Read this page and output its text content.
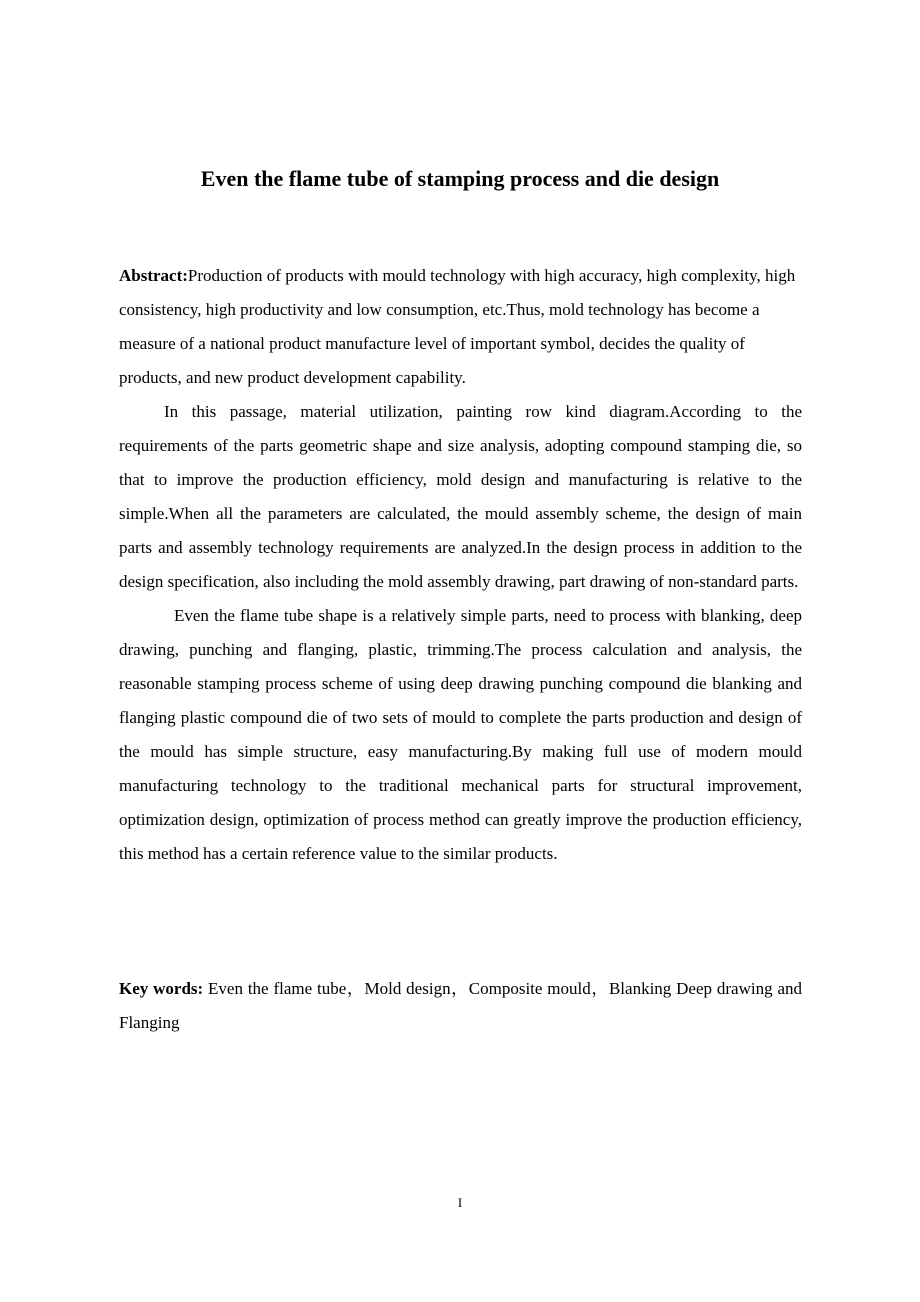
Even the flame tube of stamping process and die design

Abstract:Production of products with mould technology with high accuracy, high complexity, high consistency, high productivity and low consumption, etc.Thus, mold technology has become a measure of a national product manufacture level of important symbol, decides the quality of products, and new product development capability.

In this passage, material utilization, painting row kind diagram.According to the requirements of the parts geometric shape and size analysis, adopting compound stamping die, so that to improve the production efficiency, mold design and manufacturing is relative to the simple.When all the parameters are calculated, the mould assembly scheme, the design of main parts and assembly technology requirements are analyzed.In the design process in addition to the design specification, also including the mold assembly drawing, part drawing of non-standard parts.

Even the flame tube shape is a relatively simple parts, need to process with blanking, deep drawing, punching and flanging, plastic, trimming.The process calculation and analysis, the reasonable stamping process scheme of using deep drawing punching compound die blanking and flanging plastic compound die of two sets of mould to complete the parts production and design of the mould has simple structure, easy manufacturing.By making full use of modern mould manufacturing technology to the traditional mechanical parts for structural improvement, optimization design, optimization of process method can greatly improve the production efficiency, this method has a certain reference value to the similar products.

Key words: Even the flame tube，Mold design，Composite mould，Blanking Deep drawing and Flanging

I
